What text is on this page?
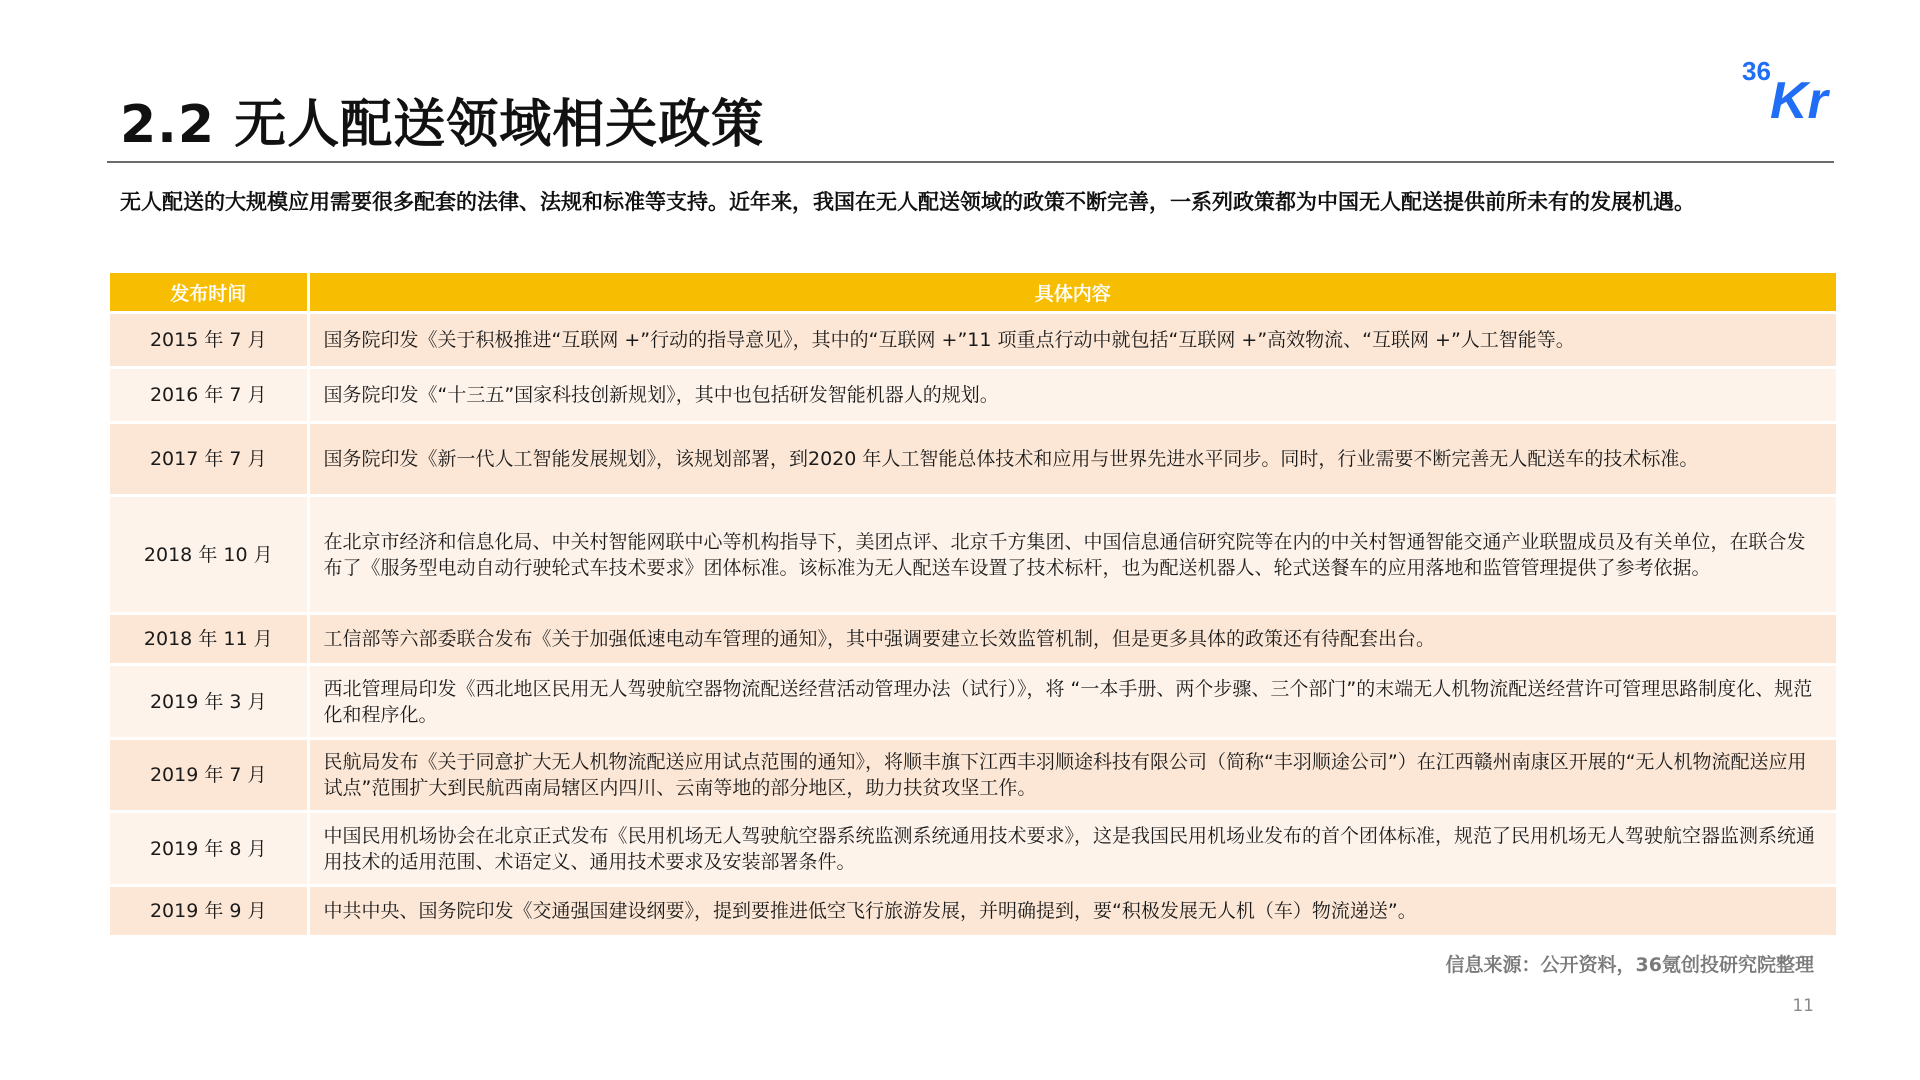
2.2 无人配送领域相关政策
36
Kr
无人配送的大规模应用需要很多配套的法律、法规和标准等支持。近年来，我国在无人配送领域的政策不断完善，一系列政策都为中国无人配送提供前所未有的发展机遇。
发布时间	具体内容
2015 年 7 月	国务院印发《关于积极推进“互联网 +”行动的指导意见》，其中的“互联网 +”11 项重点行动中就包括“互联网 +”高效物流、“互联网 +”人工智能等。
2016 年 7 月	国务院印发《“十三五”国家科技创新规划》，其中也包括研发智能机器人的规划。
2017 年 7 月	国务院印发《新一代人工智能发展规划》，该规划部署，到2020 年人工智能总体技术和应用与世界先进水平同步。同时，行业需要不断完善无人配送车的技术标准。
2018 年 10 月	在北京市经济和信息化局、中关村智能网联中心等机构指导下，美团点评、北京千方集团、中国信息通信研究院等在内的中关村智通智能交通产业联盟成员及有关单位，在联合发布了《服务型电动自动行驶轮式车技术要求》团体标准。该标准为无人配送车设置了技术标杆，也为配送机器人、轮式送餐车的应用落地和监管管理提供了参考依据。
2018 年 11 月	工信部等六部委联合发布《关于加强低速电动车管理的通知》，其中强调要建立长效监管机制，但是更多具体的政策还有待配套出台。
2019 年 3 月	西北管理局印发《西北地区民用无人驾驶航空器物流配送经营活动管理办法（试行）》，将 “一本手册、两个步骤、三个部门”的末端无人机物流配送经营许可管理思路制度化、规范化和程序化。
2019 年 7 月	民航局发布《关于同意扩大无人机物流配送应用试点范围的通知》，将顺丰旗下江西丰羽顺途科技有限公司（简称“丰羽顺途公司”）在江西赣州南康区开展的“无人机物流配送应用试点”范围扩大到民航西南局辖区内四川、云南等地的部分地区，助力扶贫攻坚工作。
2019 年 8 月	中国民用机场协会在北京正式发布《民用机场无人驾驶航空器系统监测系统通用技术要求》，这是我国民用机场业发布的首个团体标准，规范了民用机场无人驾驶航空器监测系统通用技术的适用范围、术语定义、通用技术要求及安装部署条件。
2019 年 9 月	中共中央、国务院印发《交通强国建设纲要》，提到要推进低空飞行旅游发展，并明确提到，要“积极发展无人机（车）物流递送”。
信息来源：公开资料，36氪创投研究院整理
11
